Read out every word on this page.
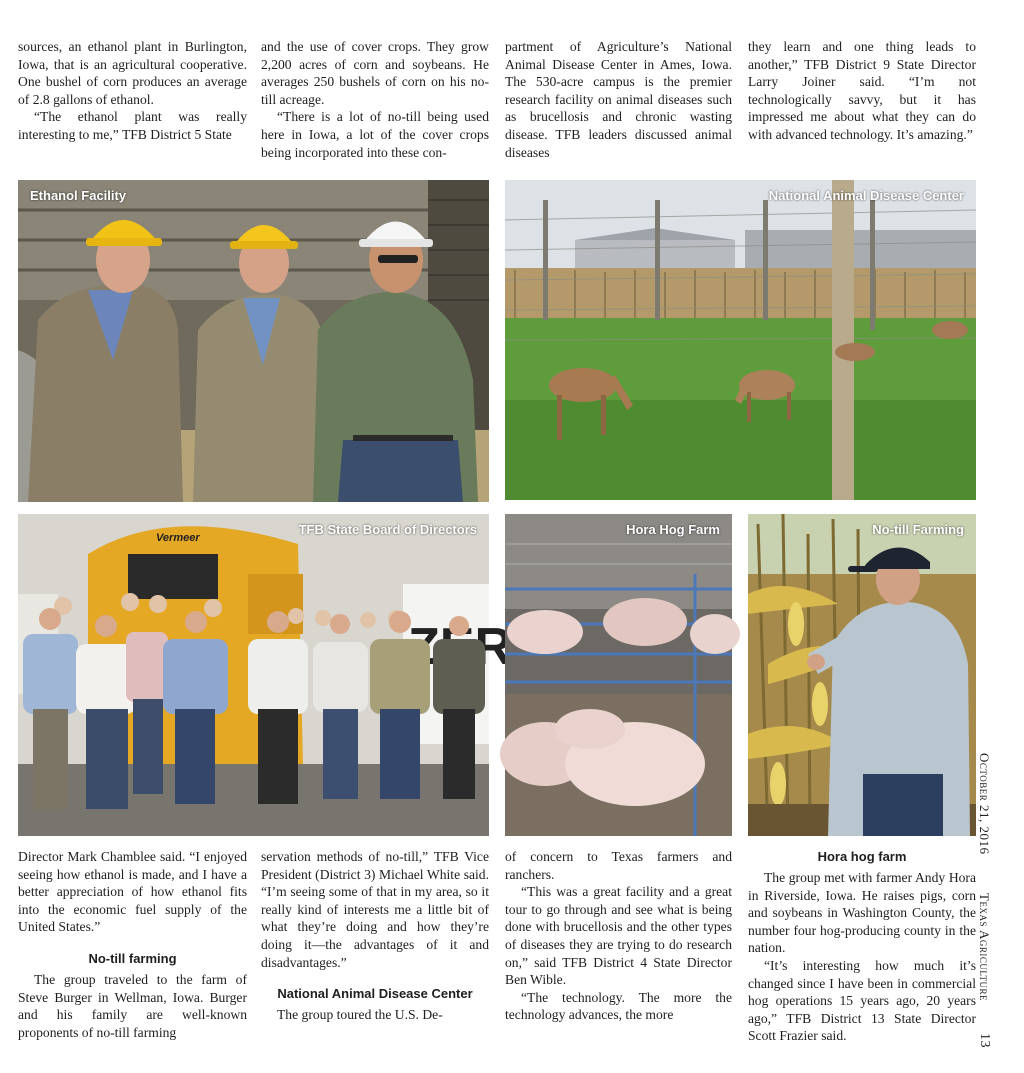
sources, an ethanol plant in Burlington, Iowa, that is an agricultural cooperative. One bushel of corn produces an average of 2.8 gallons of ethanol.

“The ethanol plant was really interesting to me,” TFB District 5 State

and the use of cover crops. They grow 2,200 acres of corn and soybeans. He averages 250 bushels of corn on his no-till acreage.

“There is a lot of no-till being used here in Iowa, a lot of the cover crops being incorporated into these con-

partment of Agriculture’s National Animal Disease Center in Ames, Iowa. The 530-acre campus is the premier research facility on animal diseases such as brucellosis and chronic wasting disease. TFB leaders discussed animal diseases

they learn and one thing leads to another,” TFB District 9 State Director Larry Joiner said. “I’m not technologically savvy, but it has impressed me about what they can do with advanced technology. It’s amazing.”

Ethanol Facility	National Animal Disease Center
Vermeer
TFB State Board of Directors	Hora Hog Farm	No-till Farming

Director Mark Chamblee said. “I enjoyed seeing how ethanol is made, and I have a better appreciation of how ethanol fits into the economic fuel supply of the United States.”

No-till farming

The group traveled to the farm of Steve Burger in Wellman, Iowa. Burger and his family are well-known proponents of no-till farming

servation methods of no-till,” TFB Vice President (District 3) Michael White said. “I’m seeing some of that in my area, so it really kind of interests me a little bit of what they’re doing and how they’re doing it—the advantages of it and disadvantages.”

National Animal Disease Center

The group toured the U.S. De-

of concern to Texas farmers and ranchers.

“This was a great facility and a great tour to go through and see what is being done with brucellosis and the other types of diseases they are trying to do research on,” said TFB District 4 State Director Ben Wible.

“The technology. The more the technology advances, the more

Hora hog farm

The group met with farmer Andy Hora in Riverside, Iowa. He raises pigs, corn and soybeans in Washington County, the number four hog-producing county in the nation.

“It’s interesting how much it’s changed since I have been in commercial hog operations 15 years ago, 20 years ago,” TFB District 13 State Director Scott Frazier said.

October 21, 2016
Texas Agriculture
13
